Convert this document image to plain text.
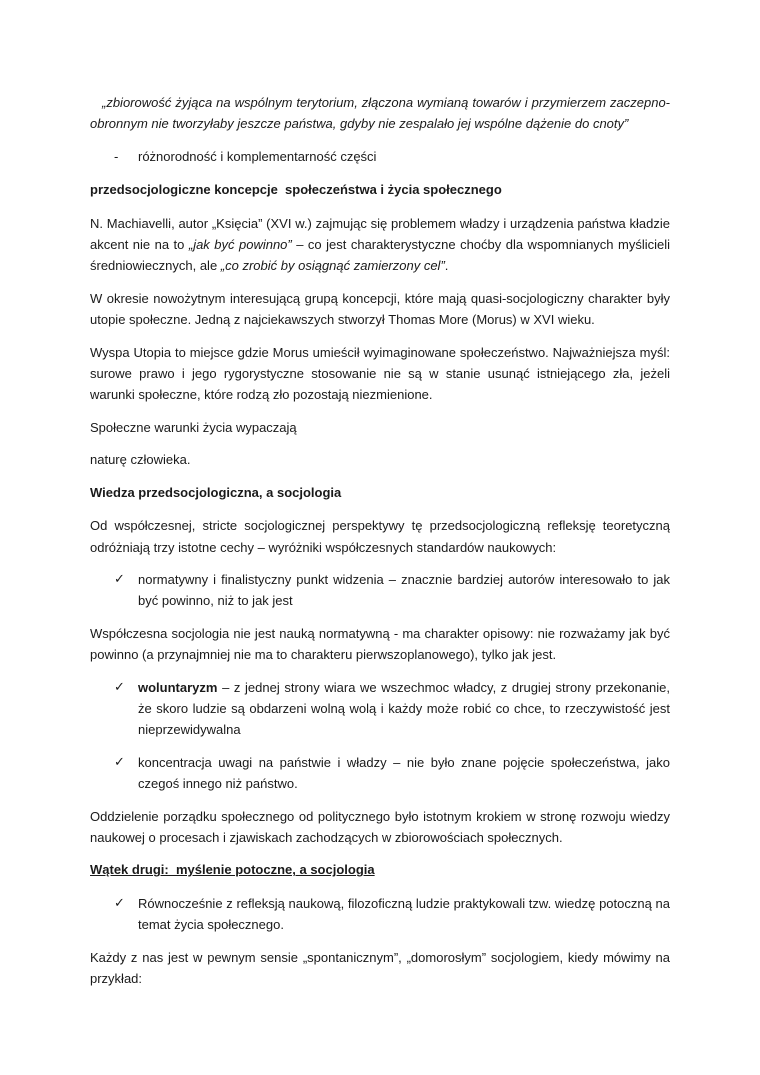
„zbiorowość żyjąca na wspólnym terytorium, złączona wymianą towarów i przymierzem zaczepno-obronnym nie tworzyłaby jeszcze państwa, gdyby nie zespalało jej wspólne dążenie do cnoty”

- różnorodność i komplementarność części

przedsocjologiczne koncepcje  społeczeństwa i życia społecznego

N. Machiavelli, autor „Księcia” (XVI w.) zajmując się problemem władzy i urządzenia państwa kładzie akcent nie na to „jak być powinno” – co jest charakterystyczne choćby dla wspomnianych myślicieli średniowiecznych, ale „co zrobić by osiągnąć zamierzony cel”.

W okresie nowożytnym interesującą grupą koncepcji, które mają quasi-socjologiczny charakter były utopie społeczne. Jedną z najciekawszych stworzył Thomas More (Morus) w XVI wieku.

Wyspa Utopia to miejsce gdzie Morus umieścił wyimaginowane społeczeństwo. Najważniejsza myśl: surowe prawo i jego rygorystyczne stosowanie nie są w stanie usunąć istniejącego zła, jeżeli warunki społeczne, które rodzą zło pozostają niezmienione.

Społeczne warunki życia wypaczają

naturę człowieka.

Wiedza przedsocjologiczna, a socjologia

Od współczesnej, stricte socjologicznej perspektywy tę przedsocjologiczną refleksję teoretyczną odróżniają trzy istotne cechy – wyróżniki współczesnych standardów naukowych:

✓ normatywny i finalistyczny punkt widzenia – znacznie bardziej autorów interesowało to jak być powinno, niż to jak jest

Współczesna socjologia nie jest nauką normatywną - ma charakter opisowy: nie rozważamy jak być powinno (a przynajmniej nie ma to charakteru pierwszoplanowego), tylko jak jest.

✓ woluntaryzm – z jednej strony wiara we wszechmoc władcy, z drugiej strony przekonanie, że skoro ludzie są obdarzeni wolną wolą i każdy może robić co chce, to rzeczywistość jest nieprzewidywalna
✓ koncentracja uwagi na państwie i władzy – nie było znane pojęcie społeczeństwa, jako czegoś innego niż państwo.

Oddzielenie porządku społecznego od politycznego było istotnym krokiem w stronę rozwoju wiedzy naukowej o procesach i zjawiskach zachodzących w zbiorowościach społecznych.

Wątek drugi:  myślenie potoczne, a socjologia

✓ Równocześnie z refleksją naukową, filozoficzną ludzie praktykowali tzw. wiedzę potoczną na temat życia społecznego.

Każdy z nas jest w pewnym sensie „spontanicznym”, „domorosłym” socjologiem, kiedy mówimy na przykład:
